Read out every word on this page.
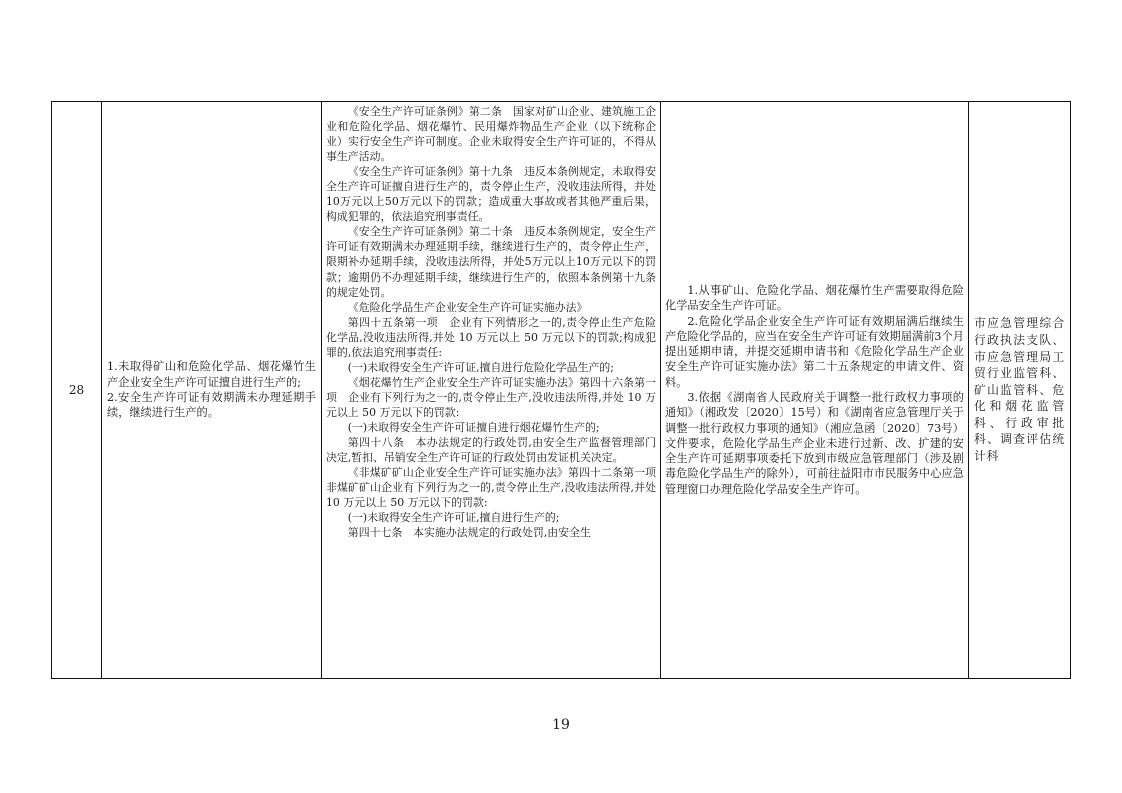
28

1.未取得矿山和危险化学品、烟花爆竹生产企业安全生产许可证擅自进行生产的;

2.安全生产许可证有效期满未办理延期手续，继续进行生产的。

《安全生产许可证条例》第二条　国家对矿山企业、建筑施工企业和危险化学品、烟花爆竹、民用爆炸物品生产企业（以下统称企业）实行安全生产许可制度。企业未取得安全生产许可证的，不得从事生产活动。

《安全生产许可证条例》第十九条　违反本条例规定，未取得安全生产许可证擅自进行生产的，责令停止生产，没收违法所得，并处10万元以上50万元以下的罚款；造成重大事故或者其他严重后果，构成犯罪的，依法追究刑事责任。

《安全生产许可证条例》第二十条　违反本条例规定，安全生产许可证有效期满未办理延期手续，继续进行生产的，责令停止生产，限期补办延期手续，没收违法所得，并处5万元以上10万元以下的罚款；逾期仍不办理延期手续，继续进行生产的，依照本条例第十九条的规定处罚。

《危险化学品生产企业安全生产许可证实施办法》

第四十五条第一项　企业有下列情形之一的,责令停止生产危险化学品,没收违法所得,并处 10 万元以上 50 万元以下的罚款;构成犯罪的,依法追究刑事责任:

(一)未取得安全生产许可证,擅自进行危险化学品生产的;

《烟花爆竹生产企业安全生产许可证实施办法》第四十六条第一项　企业有下列行为之一的,责令停止生产,没收违法所得,并处 10 万元以上 50 万元以下的罚款:

(一)未取得安全生产许可证擅自进行烟花爆竹生产的;

第四十八条　本办法规定的行政处罚,由安全生产监督管理部门决定,暂扣、吊销安全生产许可证的行政处罚由发证机关决定。

《非煤矿矿山企业安全生产许可证实施办法》第四十二条第一项　非煤矿矿山企业有下列行为之一的,责令停止生产,没收违法所得,并处 10 万元以上 50 万元以下的罚款:

(一)未取得安全生产许可证,擅自进行生产的;

第四十七条　本实施办法规定的行政处罚,由安全生

1.从事矿山、危险化学品、烟花爆竹生产需要取得危险化学品安全生产许可证。

2.危险化学品企业安全生产许可证有效期届满后继续生产危险化学品的，应当在安全生产许可证有效期届满前3个月提出延期申请，并提交延期申请书和《危险化学品生产企业安全生产许可证实施办法》第二十五条规定的申请文件、资料。

3.依据《湖南省人民政府关于调整一批行政权力事项的通知》（湘政发〔2020〕15号）和《湖南省应急管理厅关于调整一批行政权力事项的通知》（湘应急函〔2020〕73号）文件要求，危险化学品生产企业未进行过新、改、扩建的安全生产许可延期事项委托下放到市级应急管理部门（涉及剧毒危险化学品生产的除外），可前往益阳市市民服务中心应急管理窗口办理危险化学品安全生产许可。

市应急管理综合行政执法支队、市应急管理局工贸行业监管科、矿山监管科、危化和烟花监管科、行政审批科、调查评估统计科

19
